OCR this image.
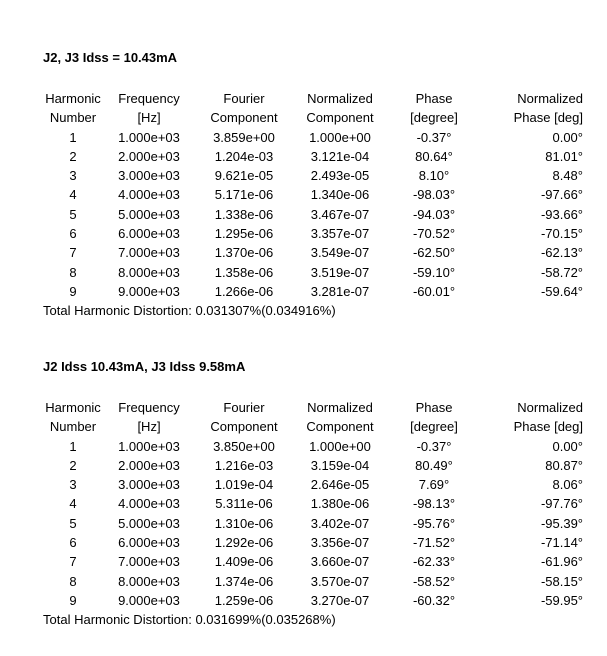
J2, J3 Idss = 10.43mA
Harmonic	Frequency	Fourier	Normalized	Phase	Normalized
Number	[Hz]	Component	Component	[degree]	Phase [deg]
1	1.000e+03	3.859e+00	1.000e+00	-0.37°	0.00°
2	2.000e+03	1.204e-03	3.121e-04	80.64°	81.01°
3	3.000e+03	9.621e-05	2.493e-05	8.10°	8.48°
4	4.000e+03	5.171e-06	1.340e-06	-98.03°	-97.66°
5	5.000e+03	1.338e-06	3.467e-07	-94.03°	-93.66°
6	6.000e+03	1.295e-06	3.357e-07	-70.52°	-70.15°
7	7.000e+03	1.370e-06	3.549e-07	-62.50°	-62.13°
8	8.000e+03	1.358e-06	3.519e-07	-59.10°	-58.72°
9	9.000e+03	1.266e-06	3.281e-07	-60.01°	-59.64°
Total Harmonic Distortion: 0.031307%(0.034916%)
J2 Idss 10.43mA, J3 Idss 9.58mA
Harmonic	Frequency	Fourier	Normalized	Phase	Normalized
Number	[Hz]	Component	Component	[degree]	Phase [deg]
1	1.000e+03	3.850e+00	1.000e+00	-0.37°	0.00°
2	2.000e+03	1.216e-03	3.159e-04	80.49°	80.87°
3	3.000e+03	1.019e-04	2.646e-05	7.69°	8.06°
4	4.000e+03	5.311e-06	1.380e-06	-98.13°	-97.76°
5	5.000e+03	1.310e-06	3.402e-07	-95.76°	-95.39°
6	6.000e+03	1.292e-06	3.356e-07	-71.52°	-71.14°
7	7.000e+03	1.409e-06	3.660e-07	-62.33°	-61.96°
8	8.000e+03	1.374e-06	3.570e-07	-58.52°	-58.15°
9	9.000e+03	1.259e-06	3.270e-07	-60.32°	-59.95°
Total Harmonic Distortion: 0.031699%(0.035268%)
